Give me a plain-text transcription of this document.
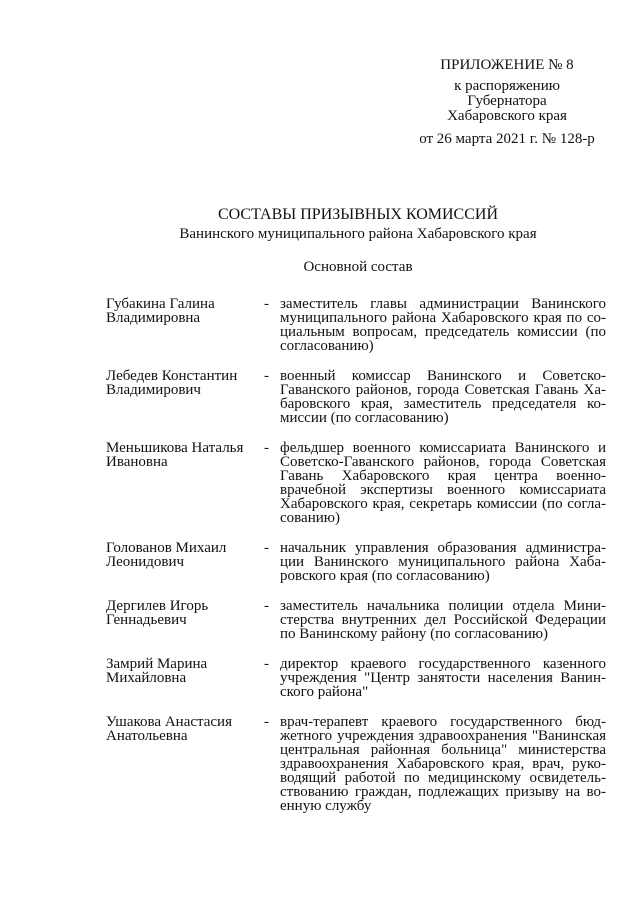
ПРИЛОЖЕНИЕ № 8
к распоряжению
Губернатора
Хабаровского края
от 26 марта 2021 г. № 128-р
СОСТАВЫ ПРИЗЫВНЫХ КОМИССИЙ
Ванинского муниципального района Хабаровского края
Основной состав
Губакина Галина
Владимировна
- заместитель главы администрации Ванинского
муниципального района Хабаровского края по со-
циальным вопросам, председатель комиссии (по
согласованию)
Лебедев Константин
Владимирович
- военный комиссар Ванинского и Советско-
Гаванского районов, города Советская Гавань Ха-
баровского края, заместитель председателя ко-
миссии (по согласованию)
Меньшикова Наталья
Ивановна
- фельдшер военного комиссариата Ванинского и
Советско-Гаванского районов, города Советская
Гавань Хабаровского края центра военно-
врачебной экспертизы военного комиссариата
Хабаровского края, секретарь комиссии (по согла-
сованию)
Голованов Михаил
Леонидович
- начальник управления образования администра-
ции Ванинского муниципального района Хаба-
ровского края (по согласованию)
Дергилев Игорь
Геннадьевич
- заместитель начальника полиции отдела Мини-
стерства внутренних дел Российской Федерации
по Ванинскому району (по согласованию)
Замрий Марина
Михайловна
- директор краевого государственного казенного
учреждения "Центр занятости населения Ванин-
ского района"
Ушакова Анастасия
Анатольевна
- врач-терапевт краевого государственного бюд-
жетного учреждения здравоохранения "Ванинская
центральная районная больница" министерства
здравоохранения Хабаровского края, врач, руко-
водящий работой по медицинскому освидетель-
ствованию граждан, подлежащих призыву на во-
енную службу
